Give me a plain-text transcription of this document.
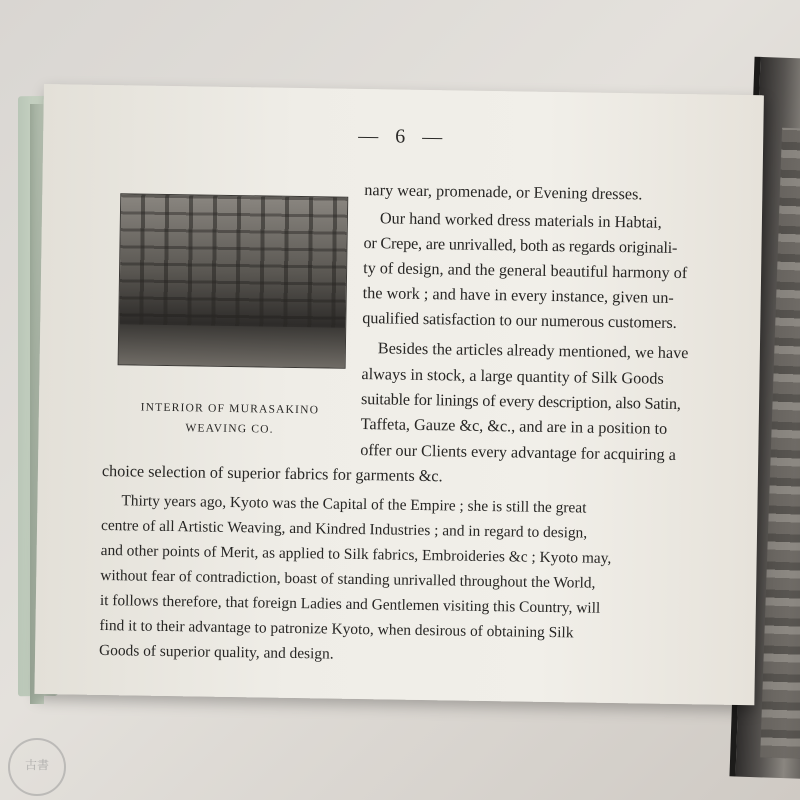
— 6 —
INTERIOR OF MURASAKINO
WEAVING CO.
nary wear, promenade, or Evening dresses.
Our hand worked dress materials in Habtai,
or Crepe, are unrivalled, both as regards originali-
ty of design, and the general beautiful harmony of
the work ; and have in every instance, given un-
qualified satisfaction to our numerous customers.
Besides the articles already mentioned, we have
always in stock, a large quantity of Silk Goods
suitable for linings of every description, also Satin,
Taffeta, Gauze &c, &c., and are in a position to
offer our Clients every advantage for acquiring a
choice selection of superior fabrics for garments &c.
Thirty years ago, Kyoto was the Capital of the Empire ; she is still the great
centre of all Artistic Weaving, and Kindred Industries ; and in regard to design,
and other points of Merit, as applied to Silk fabrics, Embroideries &c ; Kyoto may,
without fear of contradiction, boast of standing unrivalled throughout the World,
it follows therefore, that foreign Ladies and Gentlemen visiting this Country, will
find it to their advantage to patronize Kyoto, when desirous of obtaining Silk
Goods of superior quality, and design.
古書
